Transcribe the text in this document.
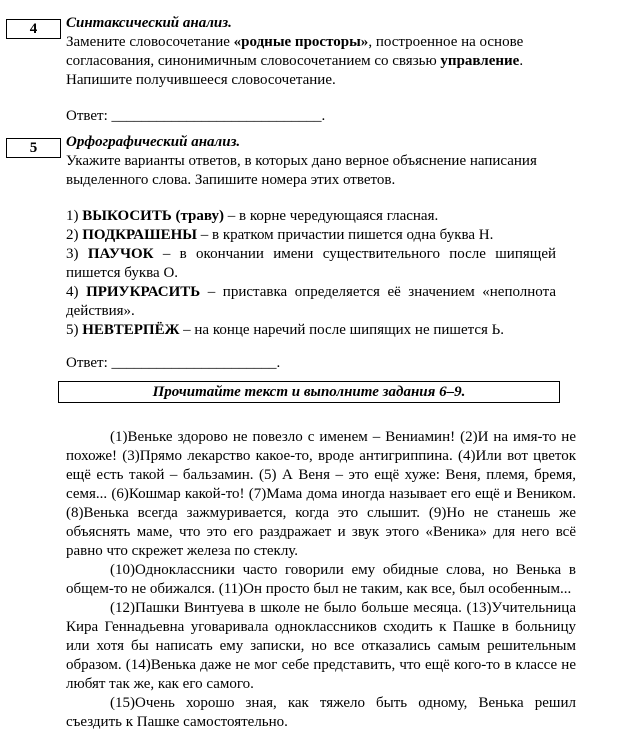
4	Синтаксический анализ.

Замените словосочетание «родные просторы», построенное на основе

согласования, синонимичным словосочетанием со связью управление.

Напишите получившееся словосочетание.

Ответ: ____________________________.

5	Орфографический анализ.

Укажите варианты ответов, в которых дано верное объяснение написания

выделенного слова. Запишите номера этих ответов.

1) ВЫКОСИТЬ (траву) – в корне чередующаяся гласная.

2) ПОДКРАШЕНЫ – в кратком причастии пишется одна буква Н.

3) ПАУЧОК – в окончании имени существительного после шипящей пишется буква О.

4) ПРИУКРАСИТЬ – приставка определяется её значением «неполнота действия».

5) НЕВТЕРПЁЖ – на конце наречий после шипящих не пишется Ь.

Ответ: ______________________.

Прочитайте текст и выполните задания 6–9.

(1)Веньке здорово не повезло с именем – Вениамин! (2)И на имя-то не похоже! (3)Прямо лекарство какое-то, вроде антигриппина. (4)Или вот цветок ещё есть такой – бальзамин. (5) А Веня – это ещё хуже: Веня, племя, бремя, семя... (6)Кошмар какой-то! (7)Мама дома иногда называет его ещё и Веником. (8)Венька всегда зажмуривается, когда это слышит. (9)Но не станешь же объяснять маме, что это его раздражает и звук этого «Веника» для него всё равно что скрежет железа по стеклу.

(10)Одноклассники часто говорили ему обидные слова, но Венька в общем-то не обижался. (11)Он просто был не таким, как все, был особенным...

(12)Пашки Винтуева в школе не было больше месяца. (13)Учительница Кира Геннадьевна уговаривала одноклассников сходить к Пашке в больницу или хотя бы написать ему записки, но все отказались самым решительным образом. (14)Венька даже не мог себе представить, что ещё кого-то в классе не любят так же, как его самого.

(15)Очень хорошо зная, как тяжело быть одному, Венька решил съездить к Пашке самостоятельно.
